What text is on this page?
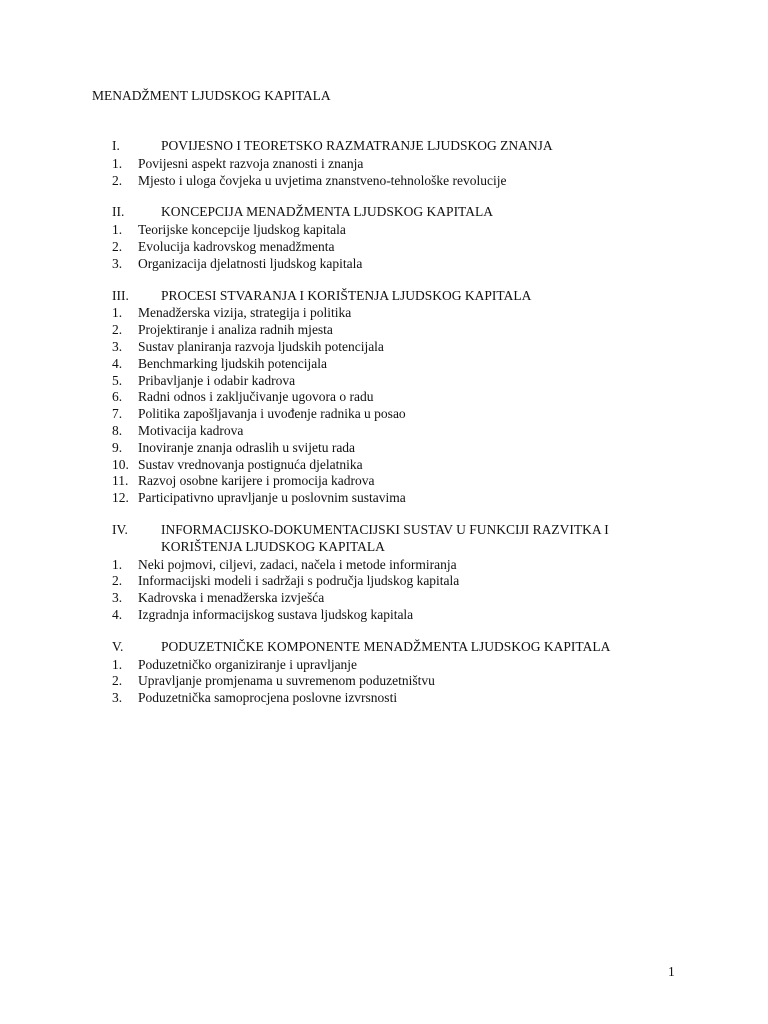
MENADŽMENT LJUDSKOG KAPITALA
I.	POVIJESNO I TEORETSKO RAZMATRANJE LJUDSKOG ZNANJA
1.	Povijesni aspekt razvoja znanosti i znanja
2.	Mjesto i uloga čovjeka u uvjetima znanstveno-tehnološke revolucije
II.	KONCEPCIJA MENADŽMENTA LJUDSKOG KAPITALA
1.	Teorijske koncepcije ljudskog kapitala
2.	Evolucija kadrovskog menadžmenta
3.	Organizacija djelatnosti ljudskog kapitala
III.	PROCESI STVARANJA I KORIŠTENJA LJUDSKOG KAPITALA
1.	Menadžerska vizija, strategija i politika
2.	Projektiranje i analiza radnih mjesta
3.	Sustav planiranja razvoja ljudskih potencijala
4.	Benchmarking ljudskih potencijala
5.	Pribavljanje i odabir kadrova
6.	Radni odnos i zaključivanje ugovora o radu
7.	Politika zapošljavanja i uvođenje radnika u posao
8.	Motivacija kadrova
9.	Inoviranje znanja odraslih u svijetu rada
10. Sustav vrednovanja postignuća djelatnika
11. Razvoj osobne karijere i promocija kadrova
12. Participativno upravljanje u poslovnim sustavima
IV.	INFORMACIJSKO-DOKUMENTACIJSKI SUSTAV U FUNKCIJI RAZVITKA I KORIŠTENJA LJUDSKOG KAPITALA
1.	Neki pojmovi, ciljevi, zadaci, načela i metode informiranja
2.	Informacijski modeli i sadržaji s područja ljudskog kapitala
3.	Kadrovska i menadžerska izvješća
4.	Izgradnja informacijskog sustava ljudskog kapitala
V.	PODUZETNIČKE KOMPONENTE MENADŽMENTA LJUDSKOG KAPITALA
1.	Poduzetničko organiziranje i upravljanje
2.	Upravljanje promjenama u suvremenom poduzetništvu
3.	Poduzetnička samoprocjena poslovne izvrsnosti
1
